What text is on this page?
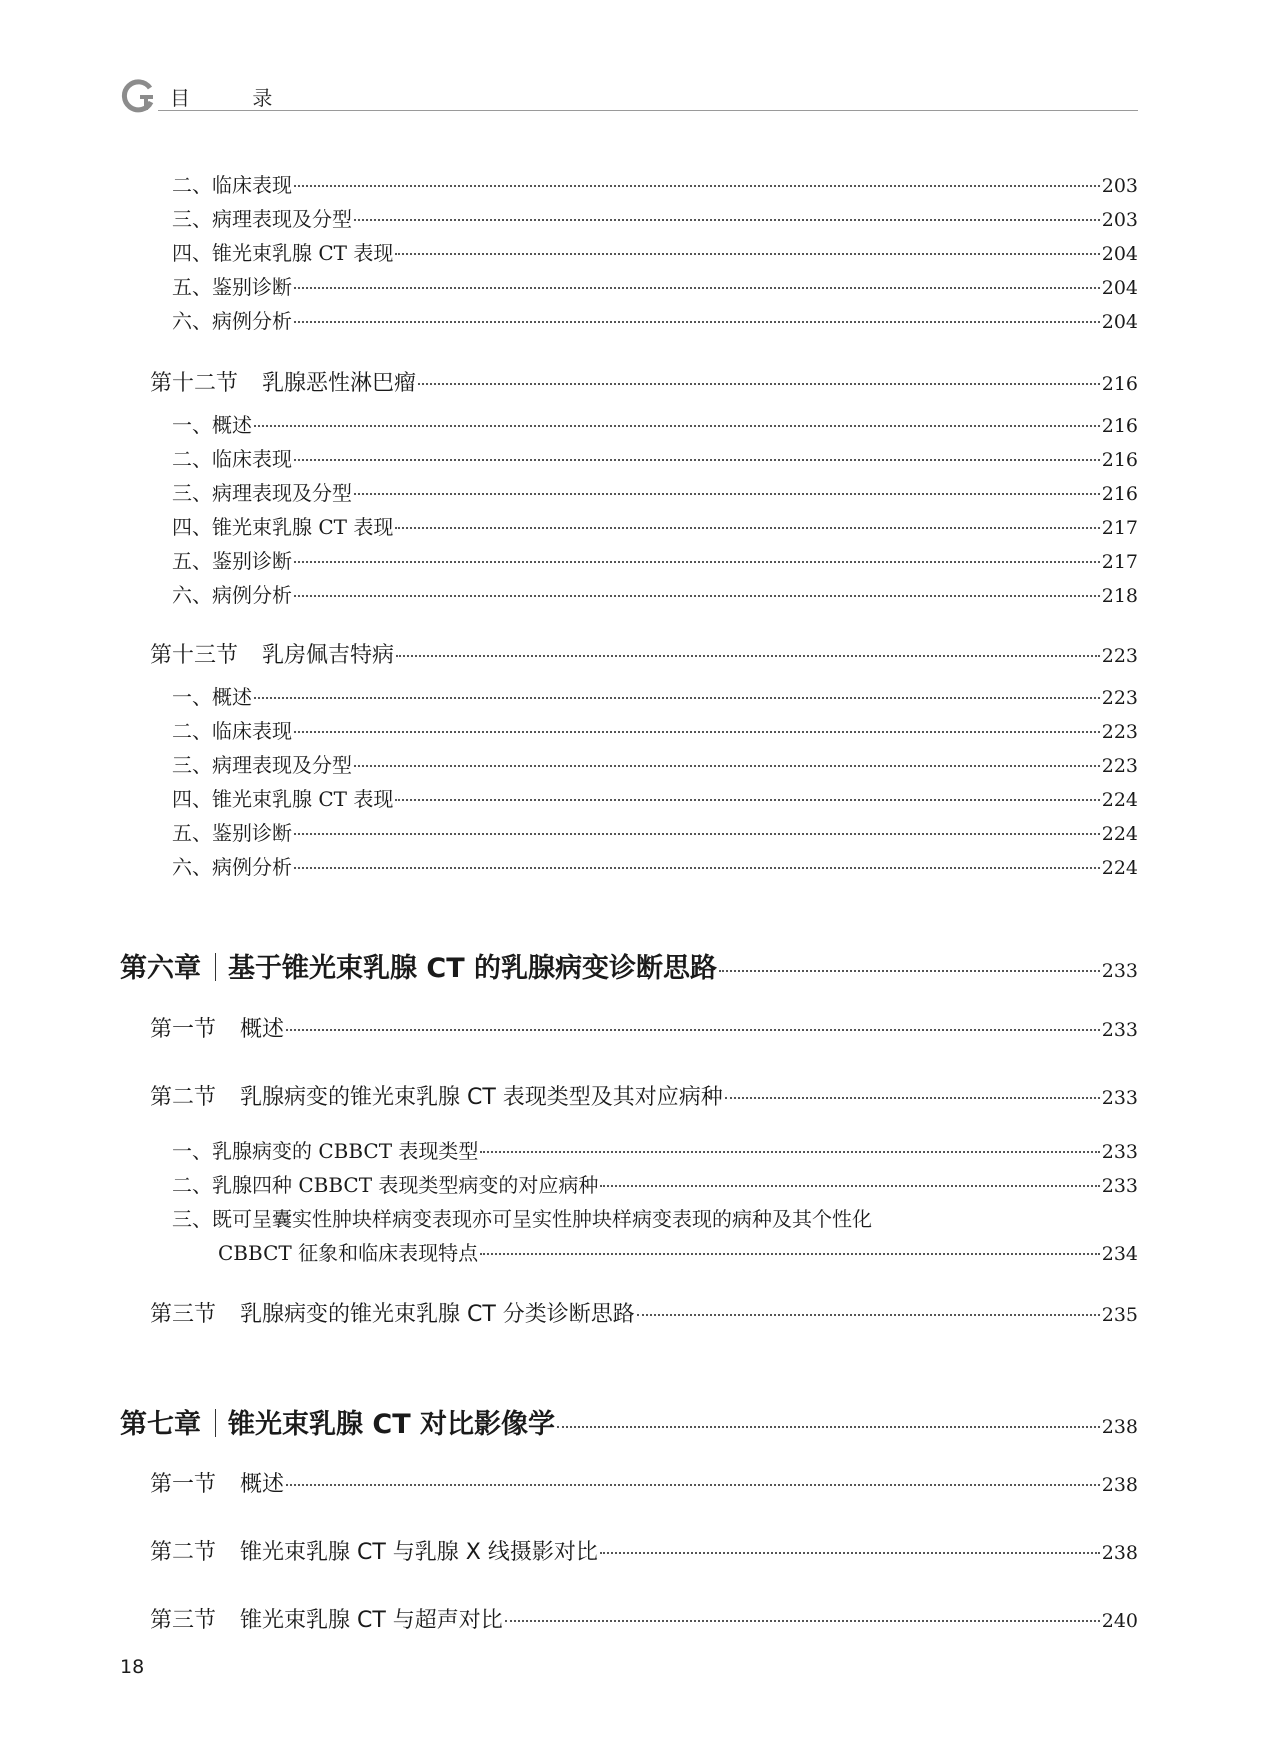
目 录
二、临床表现	203
三、病理表现及分型	203
四、锥光束乳腺 CT 表现	204
五、鉴别诊断	204
六、病例分析	204
第十二节 乳腺恶性淋巴瘤	216
一、概述	216
二、临床表现	216
三、病理表现及分型	216
四、锥光束乳腺 CT 表现	217
五、鉴别诊断	217
六、病例分析	218
第十三节 乳房佩吉特病	223
一、概述	223
二、临床表现	223
三、病理表现及分型	223
四、锥光束乳腺 CT 表现	224
五、鉴别诊断	224
六、病例分析	224
第六章 基于锥光束乳腺 CT 的乳腺病变诊断思路	233
第一节 概述	233
第二节 乳腺病变的锥光束乳腺 CT 表现类型及其对应病种	233
一、乳腺病变的 CBBCT 表现类型	233
二、乳腺四种 CBBCT 表现类型病变的对应病种	233
三、既可呈囊实性肿块样病变表现亦可呈实性肿块样病变表现的病种及其个性化
CBBCT 征象和临床表现特点	234
第三节 乳腺病变的锥光束乳腺 CT 分类诊断思路	235
第七章 锥光束乳腺 CT 对比影像学	238
第一节 概述	238
第二节 锥光束乳腺 CT 与乳腺 X 线摄影对比	238
第三节 锥光束乳腺 CT 与超声对比	240
18
